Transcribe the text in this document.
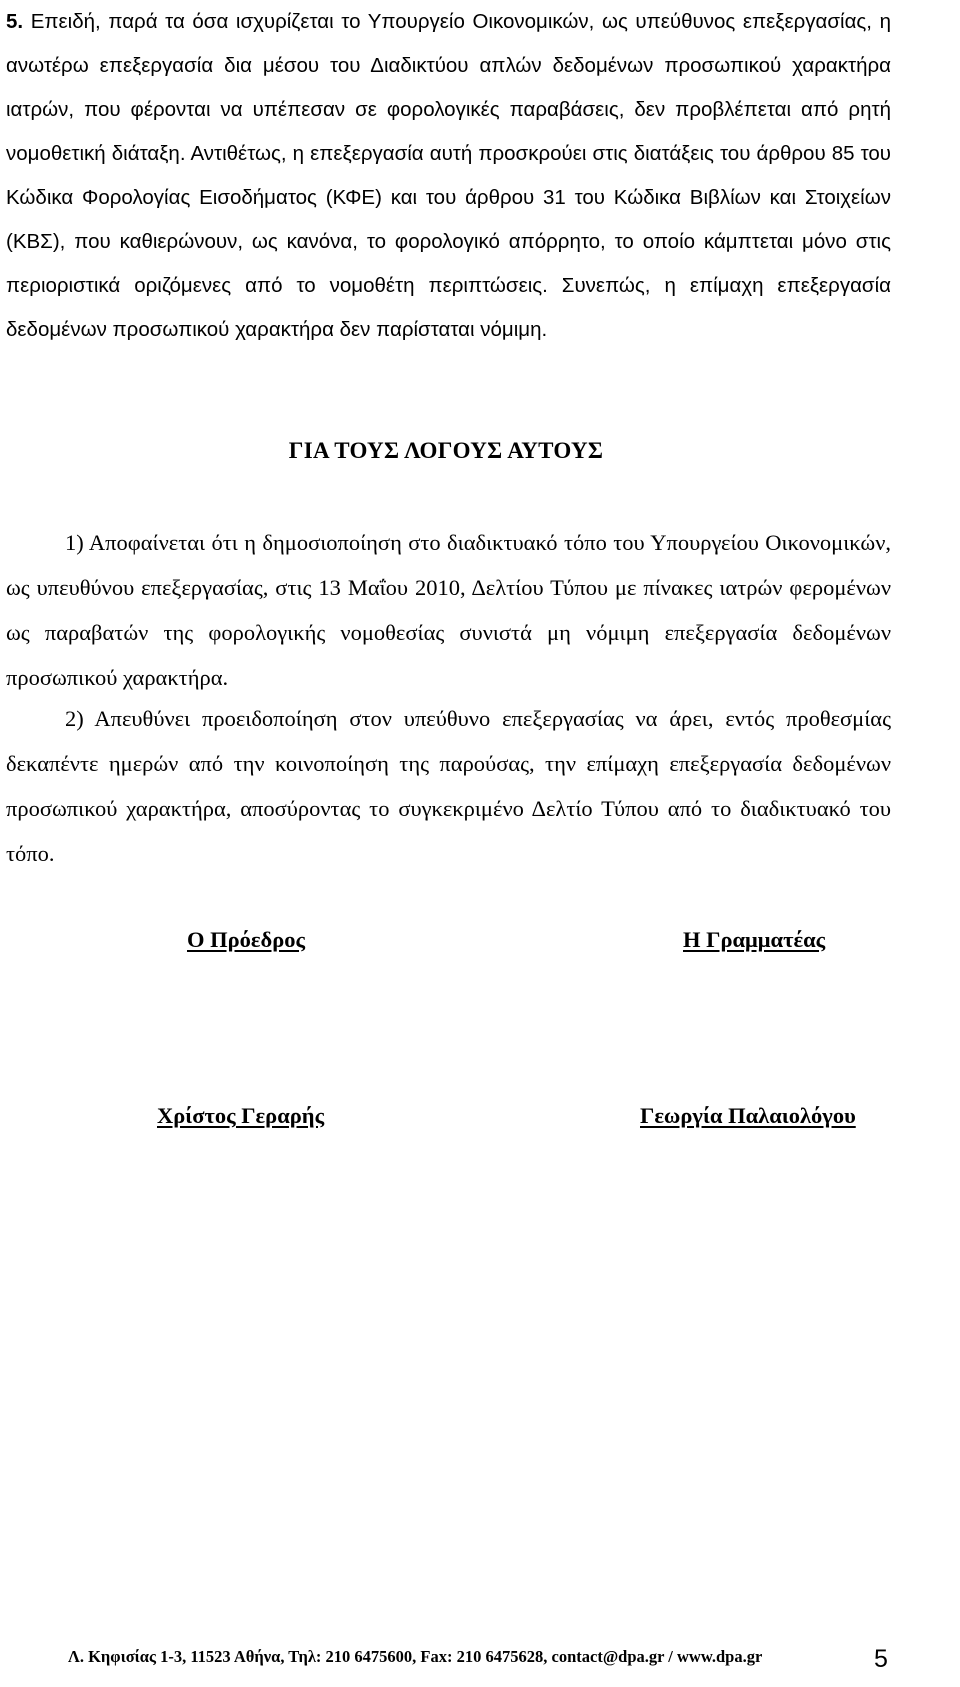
5. Επειδή, παρά τα όσα ισχυρίζεται το Υπουργείο Οικονομικών, ως υπεύθυνος επεξεργασίας, η ανωτέρω επεξεργασία δια μέσου του Διαδικτύου απλών δεδομένων προσωπικού χαρακτήρα ιατρών, που φέρονται να υπέπεσαν σε φορολογικές παραβάσεις, δεν προβλέπεται από ρητή νομοθετική διάταξη. Αντιθέτως, η επεξεργασία αυτή προσκρούει στις διατάξεις του άρθρου 85 του Κώδικα Φορολογίας Εισοδήματος (ΚΦΕ) και του άρθρου 31 του Κώδικα Βιβλίων και Στοιχείων (ΚΒΣ), που καθιερώνουν, ως κανόνα, το φορολογικό απόρρητο, το οποίο κάμπτεται μόνο στις περιοριστικά οριζόμενες από το νομοθέτη περιπτώσεις. Συνεπώς, η επίμαχη επεξεργασία δεδομένων προσωπικού χαρακτήρα δεν παρίσταται νόμιμη.

ΓΙΑ ΤΟΥΣ ΛΟΓΟΥΣ ΑΥΤΟΥΣ

1) Αποφαίνεται ότι η δημοσιοποίηση στο διαδικτυακό τόπο του Υπουργείου Οικονομικών, ως υπευθύνου επεξεργασίας, στις 13 Μαΐου 2010, Δελτίου Τύπου με πίνακες ιατρών φερομένων ως παραβατών της φορολογικής νομοθεσίας συνιστά μη νόμιμη επεξεργασία δεδομένων προσωπικού χαρακτήρα.

2) Απευθύνει προειδοποίηση στον υπεύθυνο επεξεργασίας να άρει, εντός προθεσμίας δεκαπέντε ημερών από την κοινοποίηση της παρούσας, την επίμαχη επεξεργασία δεδομένων προσωπικού χαρακτήρα, αποσύροντας το συγκεκριμένο Δελτίο Τύπου από το διαδικτυακό του τόπο.

Ο Πρόεδρος	Η Γραμματέας
Χρίστος Γεραρής	Γεωργία Παλαιολόγου
Λ. Κηφισίας 1-3, 11523 Αθήνα, Τηλ: 210 6475600, Fax: 210 6475628, contact@dpa.gr / www.dpa.gr	5
